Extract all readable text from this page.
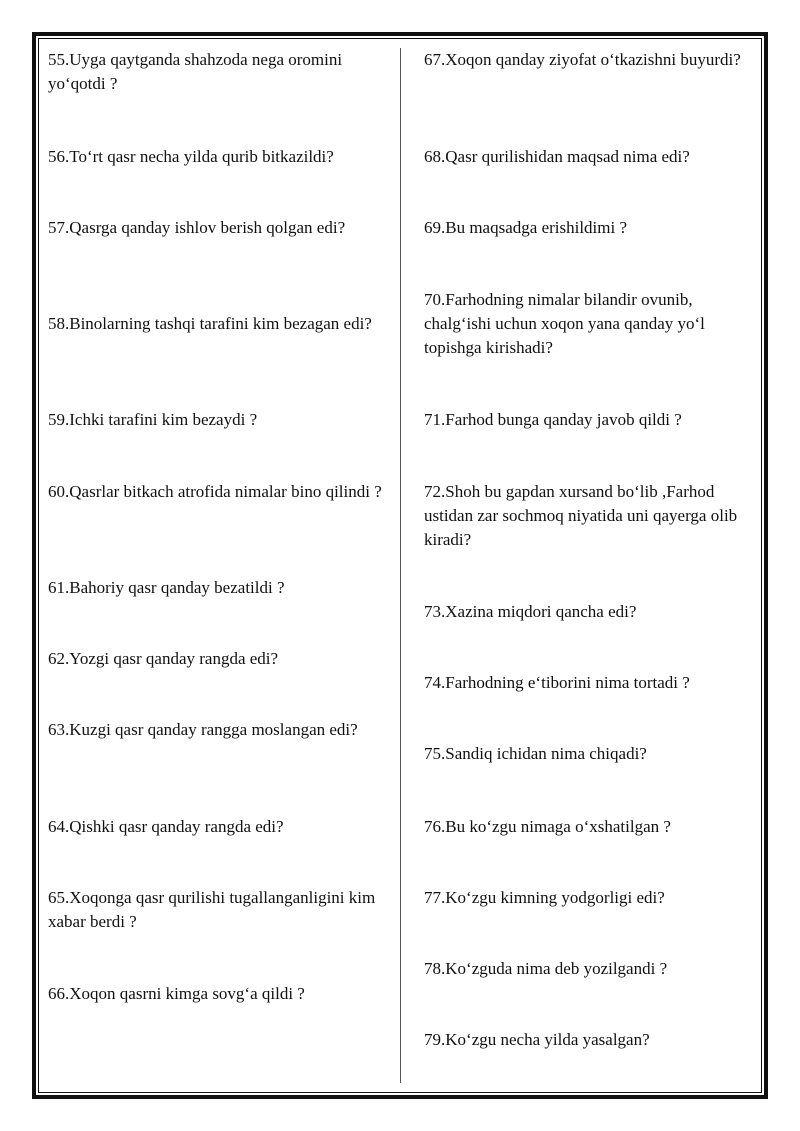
55.Uyga qaytganda shahzoda nega oromini yo‘qotdi ?

56.To‘rt qasr necha yilda qurib bitkazildi?

57.Qasrga qanday ishlov berish qolgan edi?

58.Binolarning tashqi tarafini kim bezagan edi?

59.Ichki tarafini kim bezaydi ?

60.Qasrlar bitkach atrofida nimalar bino qilindi ?

61.Bahoriy qasr qanday bezatildi ?

62.Yozgi qasr qanday rangda edi?

63.Kuzgi qasr qanday rangga moslangan edi?

64.Qishki qasr qanday rangda edi?

65.Xoqonga qasr qurilishi tugallanganligini kim xabar berdi ?

66.Xoqon qasrni kimga sovg‘a qildi ?

67.Xoqon qanday ziyofat o‘tkazishni buyurdi?

68.Qasr qurilishidan maqsad nima edi?

69.Bu maqsadga erishildimi ?

70.Farhodning nimalar bilandir ovunib, chalg‘ishi uchun xoqon yana qanday yo‘l topishga kirishadi?

71.Farhod bunga qanday javob qildi ?

72.Shoh bu gapdan xursand bo‘lib ,Farhod ustidan zar sochmoq niyatida uni qayerga olib kiradi?

73.Xazina miqdori qancha edi?

74.Farhodning e‘tiborini nima tortadi ?

75.Sandiq ichidan nima chiqadi?

76.Bu ko‘zgu nimaga o‘xshatilgan ?

77.Ko‘zgu kimning yodgorligi edi?

78.Ko‘zguda nima deb yozilgandi ?

79.Ko‘zgu necha yilda yasalgan?
